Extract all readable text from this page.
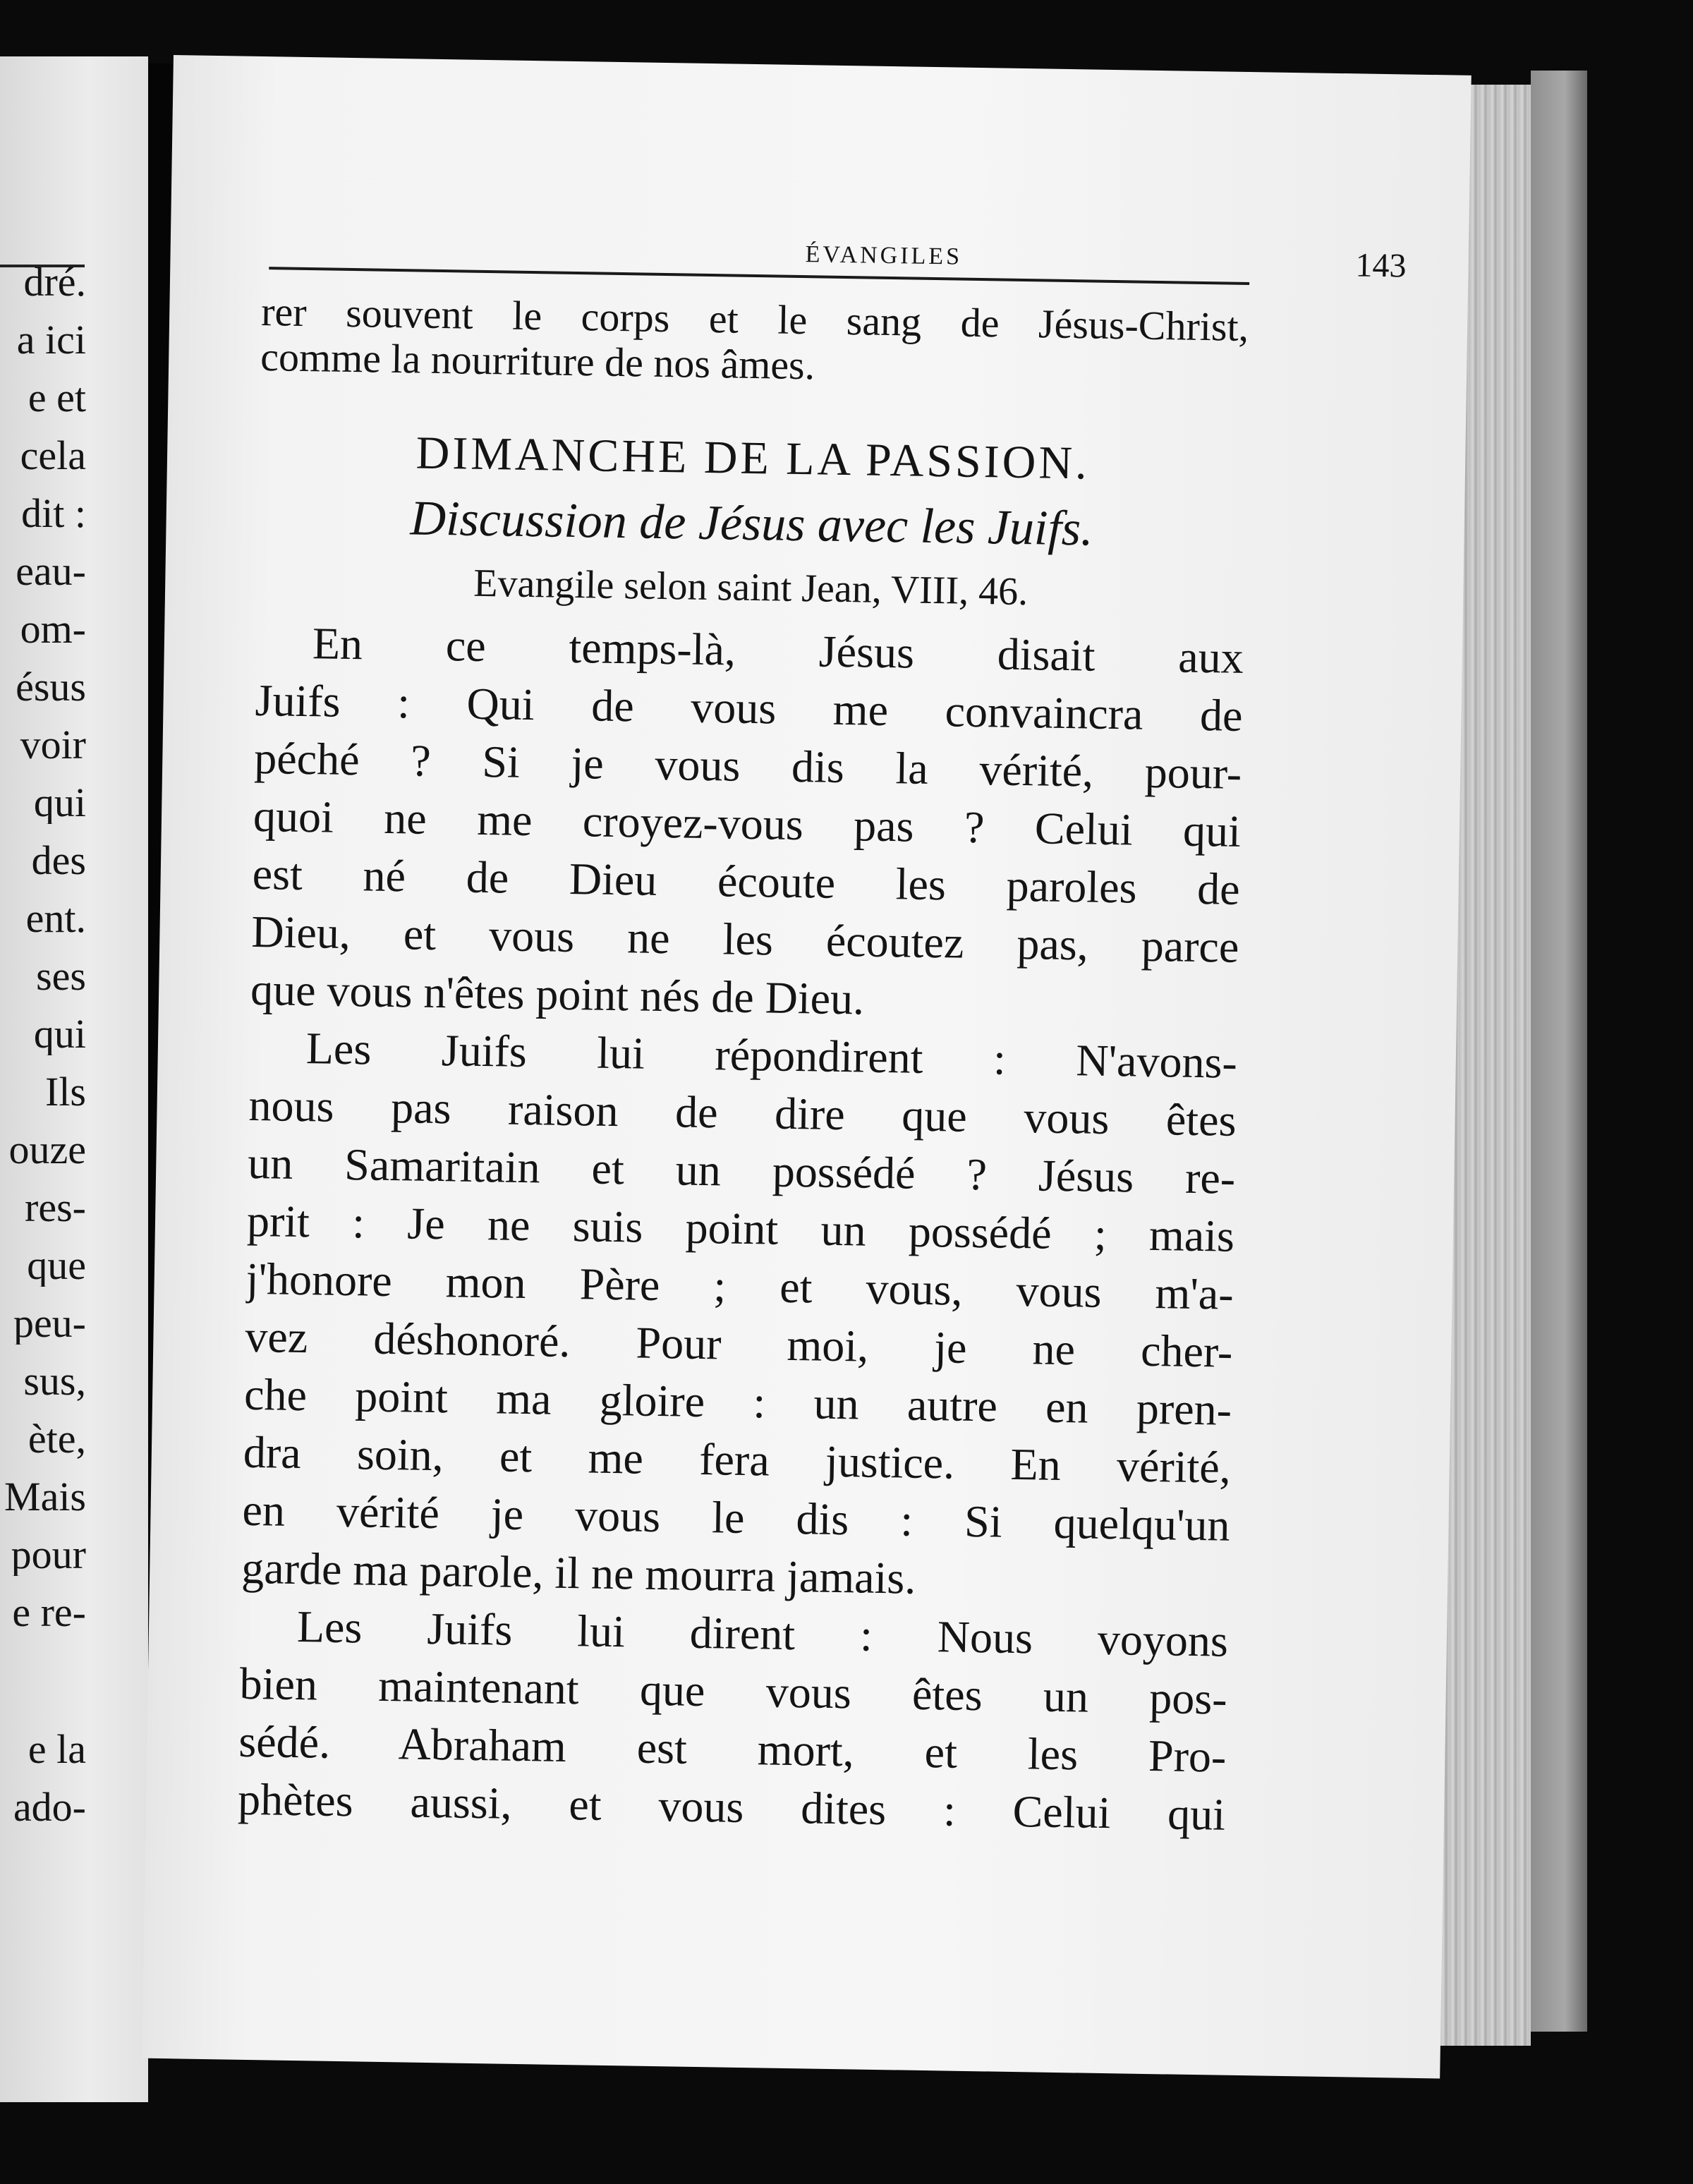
dré.
a ici
e et
cela
dit :
eau-
om-
ésus
voir
qui
des
ent.
ses
qui
Ils
ouze
res-
que
peu-
sus,
ète,
Mais
pour
e re-
e la
ado-
ÉVANGILES	143
rer souvent le corps et le sang de Jésus-Christ,
comme la nourriture de nos âmes.
DIMANCHE DE LA PASSION.
Discussion de Jésus avec les Juifs.
Evangile selon saint Jean, VIII, 46.
En ce temps-là, Jésus disait aux
Juifs : Qui de vous me convaincra de
péché ? Si je vous dis la vérité, pour-
quoi ne me croyez-vous pas ? Celui qui
est né de Dieu écoute les paroles de
Dieu, et vous ne les écoutez pas, parce
que vous n'êtes point nés de Dieu.
Les Juifs lui répondirent : N'avons-
nous pas raison de dire que vous êtes
un Samaritain et un possédé ? Jésus re-
prit : Je ne suis point un possédé ; mais
j'honore mon Père ; et vous, vous m'a-
vez déshonoré. Pour moi, je ne cher-
che point ma gloire : un autre en pren-
dra soin, et me fera justice. En vérité,
en vérité je vous le dis : Si quelqu'un
garde ma parole, il ne mourra jamais.
Les Juifs lui dirent : Nous voyons
bien maintenant que vous êtes un pos-
sédé. Abraham est mort, et les Pro-
phètes aussi, et vous dites : Celui qui
